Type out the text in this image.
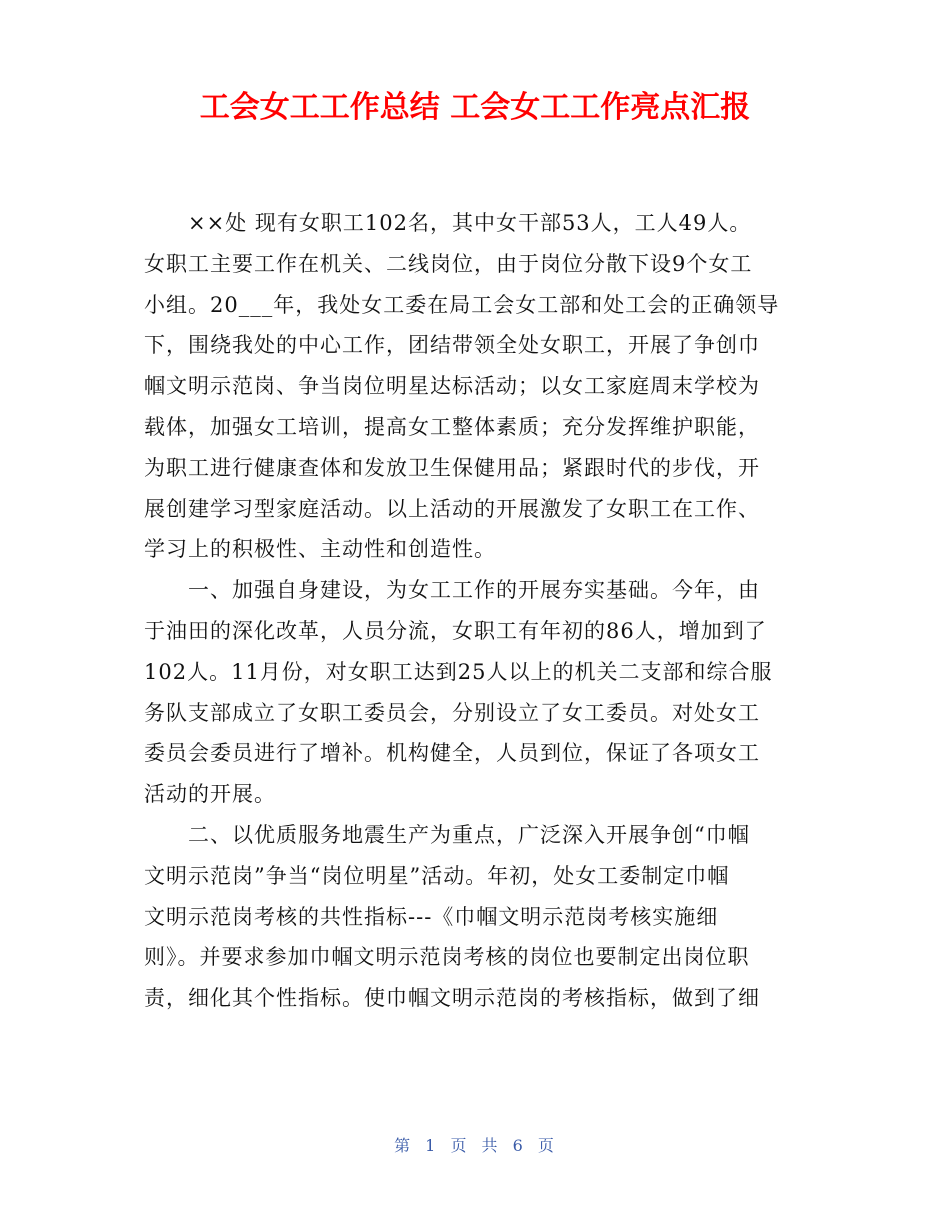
工会女工工作总结 工会女工工作亮点汇报
××处 现有女职工102名，其中女干部53人，工人49人。
女职工主要工作在机关、二线岗位，由于岗位分散下设9个女工
小组。20___年，我处女工委在局工会女工部和处工会的正确领导
下，围绕我处的中心工作，团结带领全处女职工，开展了争创巾
帼文明示范岗、争当岗位明星达标活动；以女工家庭周末学校为
载体，加强女工培训，提高女工整体素质；充分发挥维护职能，
为职工进行健康查体和发放卫生保健用品；紧跟时代的步伐，开
展创建学习型家庭活动。以上活动的开展激发了女职工在工作、
学习上的积极性、主动性和创造性。
一、加强自身建设，为女工工作的开展夯实基础。今年，由
于油田的深化改革，人员分流，女职工有年初的86人，增加到了
102人。11月份，对女职工达到25人以上的机关二支部和综合服
务队支部成立了女职工委员会，分别设立了女工委员。对处女工
委员会委员进行了增补。机构健全，人员到位，保证了各项女工
活动的开展。
二、以优质服务地震生产为重点，广泛深入开展争创“巾帼
文明示范岗”争当“岗位明星”活动。年初，处女工委制定巾帼
文明示范岗考核的共性指标---《巾帼文明示范岗考核实施细
则》。并要求参加巾帼文明示范岗考核的岗位也要制定出岗位职
责，细化其个性指标。使巾帼文明示范岗的考核指标，做到了细
第 1 页 共 6 页
